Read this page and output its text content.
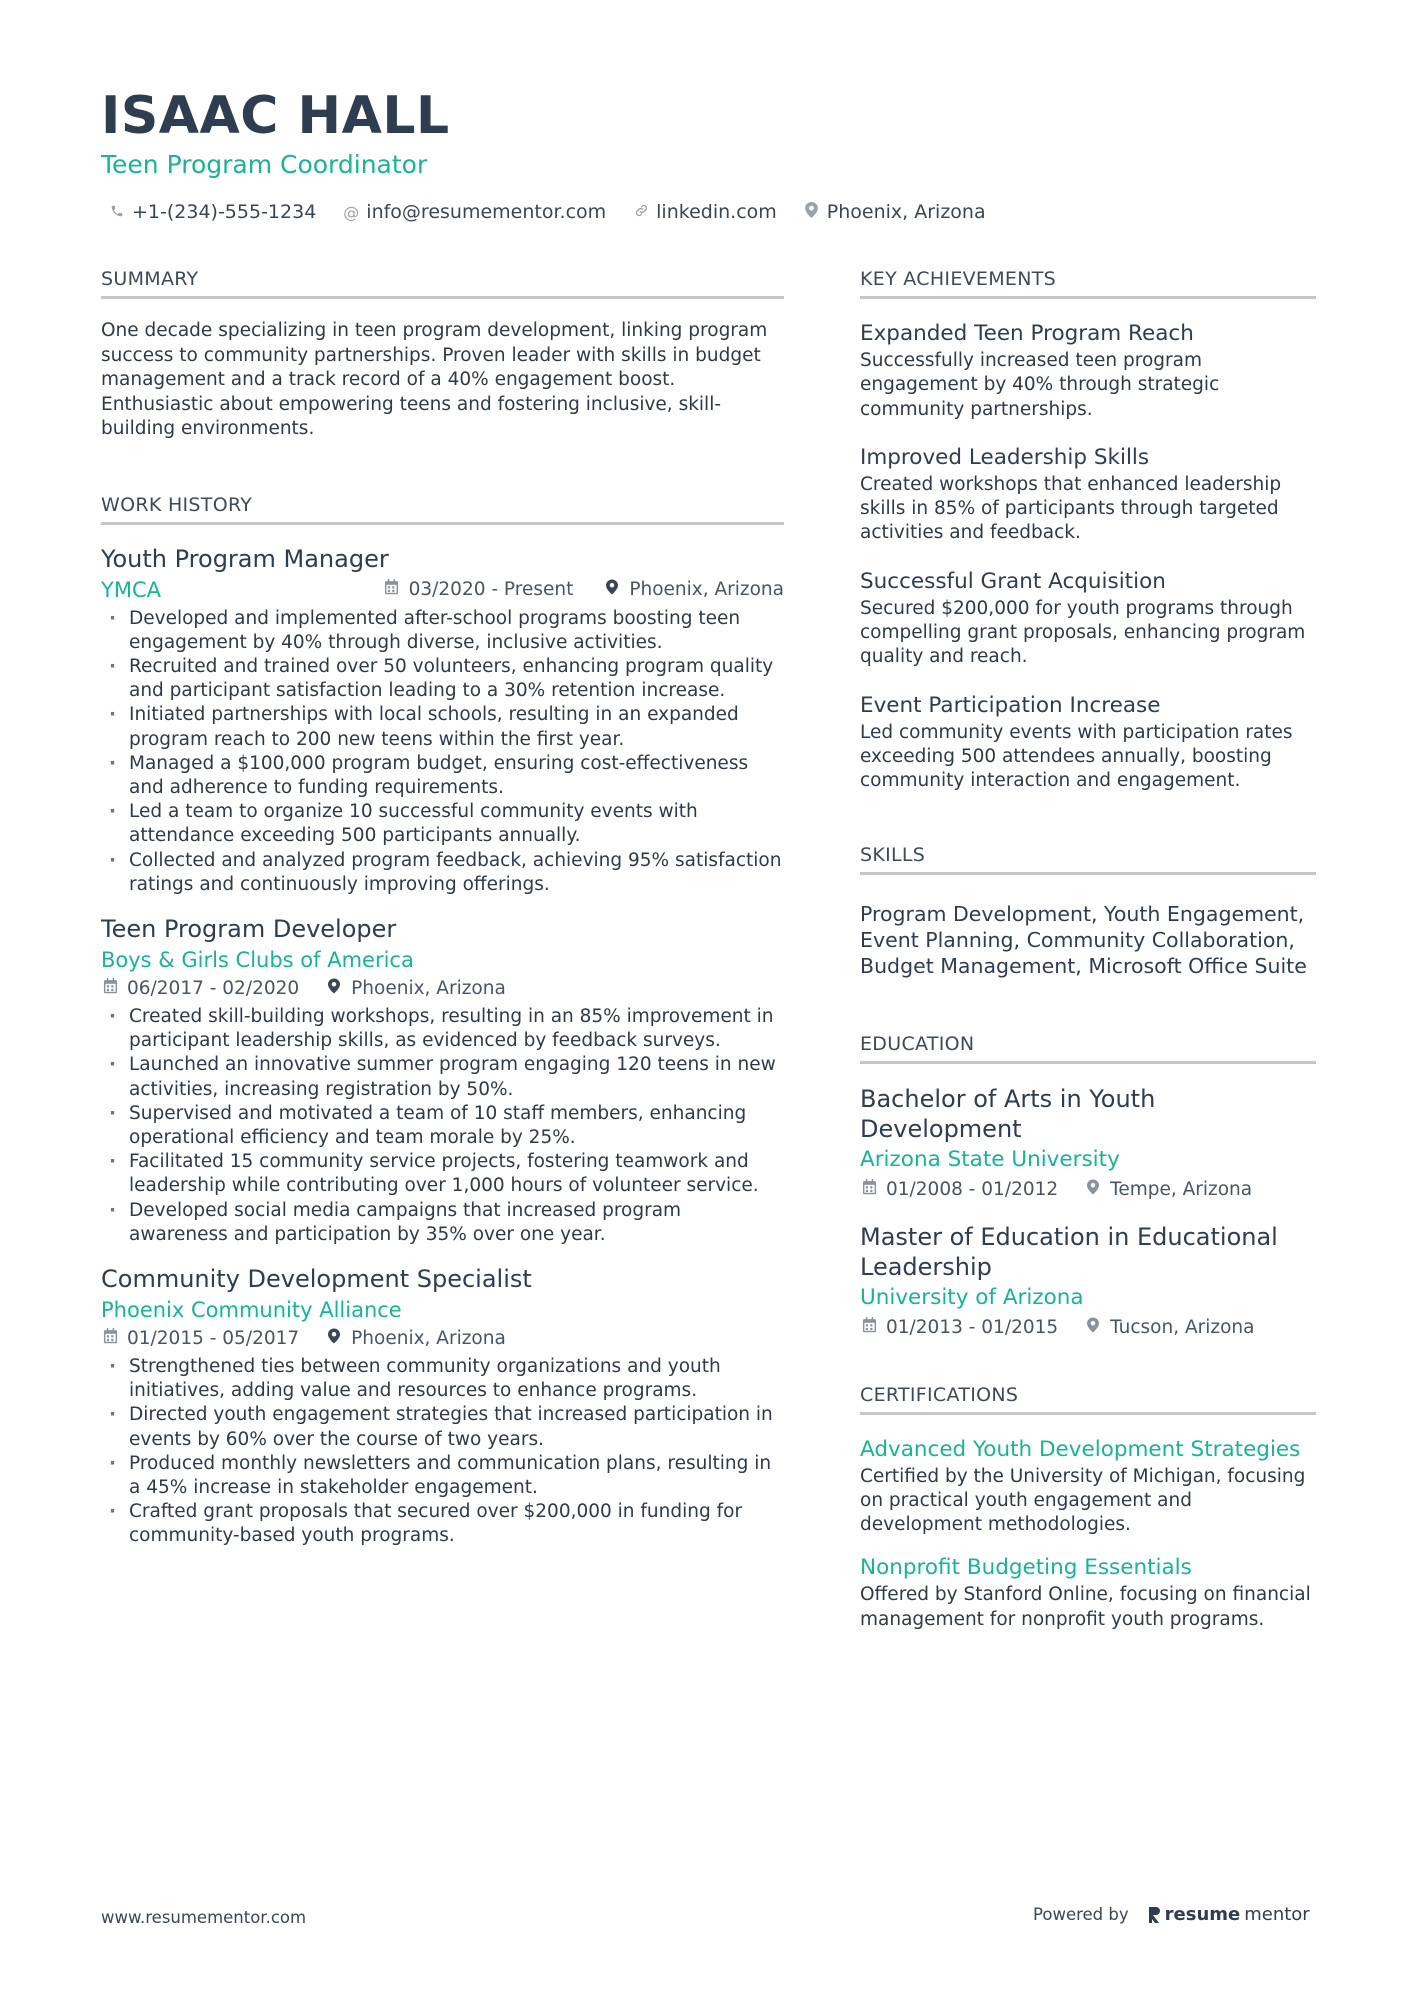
ISAAC HALL
Teen Program Coordinator
+1-(234)-555-1234 @ info@resumementor.com	linkedin.com	Phoenix, Arizona
SUMMARY
One decade specializing in teen program development, linking program success to community partnerships. Proven leader with skills in budget management and a track record of a 40% engagement boost. Enthusiastic about empowering teens and fostering inclusive, skill-building environments.
WORK HISTORY
Youth Program Manager
YMCA	03/2020 - Present	Phoenix, Arizona
· Developed and implemented after-school programs boosting teen engagement by 40% through diverse, inclusive activities.
· Recruited and trained over 50 volunteers, enhancing program quality and participant satisfaction leading to a 30% retention increase.
· Initiated partnerships with local schools, resulting in an expanded program reach to 200 new teens within the first year.
· Managed a $100,000 program budget, ensuring cost-effectiveness and adherence to funding requirements.
· Led a team to organize 10 successful community events with attendance exceeding 500 participants annually.
· Collected and analyzed program feedback, achieving 95% satisfaction ratings and continuously improving offerings.
Teen Program Developer
Boys & Girls Clubs of America
06/2017 - 02/2020	Phoenix, Arizona
· Created skill-building workshops, resulting in an 85% improvement in participant leadership skills, as evidenced by feedback surveys.
· Launched an innovative summer program engaging 120 teens in new activities, increasing registration by 50%.
· Supervised and motivated a team of 10 staff members, enhancing operational efficiency and team morale by 25%.
· Facilitated 15 community service projects, fostering teamwork and leadership while contributing over 1,000 hours of volunteer service.
· Developed social media campaigns that increased program awareness and participation by 35% over one year.
Community Development Specialist
Phoenix Community Alliance
01/2015 - 05/2017	Phoenix, Arizona
· Strengthened ties between community organizations and youth initiatives, adding value and resources to enhance programs.
· Directed youth engagement strategies that increased participation in events by 60% over the course of two years.
· Produced monthly newsletters and communication plans, resulting in a 45% increase in stakeholder engagement.
· Crafted grant proposals that secured over $200,000 in funding for community-based youth programs.
KEY ACHIEVEMENTS
Expanded Teen Program Reach
Successfully increased teen program engagement by 40% through strategic community partnerships.
Improved Leadership Skills
Created workshops that enhanced leadership skills in 85% of participants through targeted activities and feedback.
Successful Grant Acquisition
Secured $200,000 for youth programs through compelling grant proposals, enhancing program quality and reach.
Event Participation Increase
Led community events with participation rates exceeding 500 attendees annually, boosting community interaction and engagement.
SKILLS
Program Development, Youth Engagement, Event Planning, Community Collaboration, Budget Management, Microsoft Office Suite
EDUCATION
Bachelor of Arts in Youth Development
Arizona State University
01/2008 - 01/2012	Tempe, Arizona
Master of Education in Educational Leadership
University of Arizona
01/2013 - 01/2015	Tucson, Arizona
CERTIFICATIONS
Advanced Youth Development Strategies
Certified by the University of Michigan, focusing on practical youth engagement and development methodologies.
Nonprofit Budgeting Essentials
Offered by Stanford Online, focusing on financial management for nonprofit youth programs.
www.resumementor.com	Powered by resume mentor
